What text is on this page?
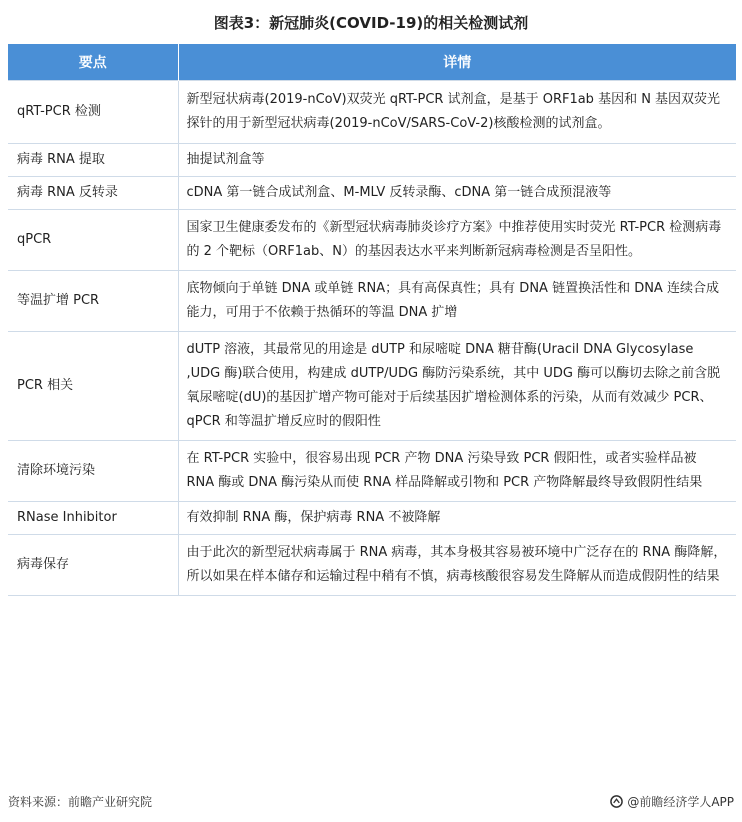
图表3：新冠肺炎(COVID-19)的相关检测试剂
要点	详情
qRT-PCR 检测	新型冠状病毒(2019-nCoV)双荧光 qRT-PCR 试剂盒，是基于 ORF1ab 基因和 N 基因双荧光探针的用于新型冠状病毒(2019-nCoV/SARS-CoV-2)核酸检测的试剂盒。
病毒 RNA 提取	抽提试剂盒等
病毒 RNA 反转录	cDNA 第一链合成试剂盒、M-MLV 反转录酶、cDNA 第一链合成预混液等
qPCR	国家卫生健康委发布的《新型冠状病毒肺炎诊疗方案》中推荐使用实时荧光 RT-PCR 检测病毒的 2 个靶标（ORF1ab、N）的基因表达水平来判断新冠病毒检测是否呈阳性。
等温扩增 PCR	底物倾向于单链 DNA 或单链 RNA；具有高保真性；具有 DNA 链置换活性和 DNA 连续合成能力，可用于不依赖于热循环的等温 DNA 扩增
PCR 相关	dUTP 溶液，其最常见的用途是 dUTP 和尿嘧啶 DNA 糖苷酶(Uracil DNA Glycosylase ,UDG 酶)联合使用，构建成 dUTP/UDG 酶防污染系统，其中 UDG 酶可以酶切去除之前含脱氧尿嘧啶(dU)的基因扩增产物可能对于后续基因扩增检测体系的污染，从而有效减少 PCR、qPCR 和等温扩增反应时的假阳性
清除环境污染	在 RT-PCR 实验中，很容易出现 PCR 产物 DNA 污染导致 PCR 假阳性，或者实验样品被 RNA 酶或 DNA 酶污染从而使 RNA 样品降解或引物和 PCR 产物降解最终导致假阴性结果
RNase Inhibitor	有效抑制 RNA 酶，保护病毒 RNA 不被降解
病毒保存	由于此次的新型冠状病毒属于 RNA 病毒，其本身极其容易被环境中广泛存在的 RNA 酶降解，所以如果在样本储存和运输过程中稍有不慎，病毒核酸很容易发生降解从而造成假阴性的结果
资料来源：前瞻产业研究院	@前瞻经济学人APP
